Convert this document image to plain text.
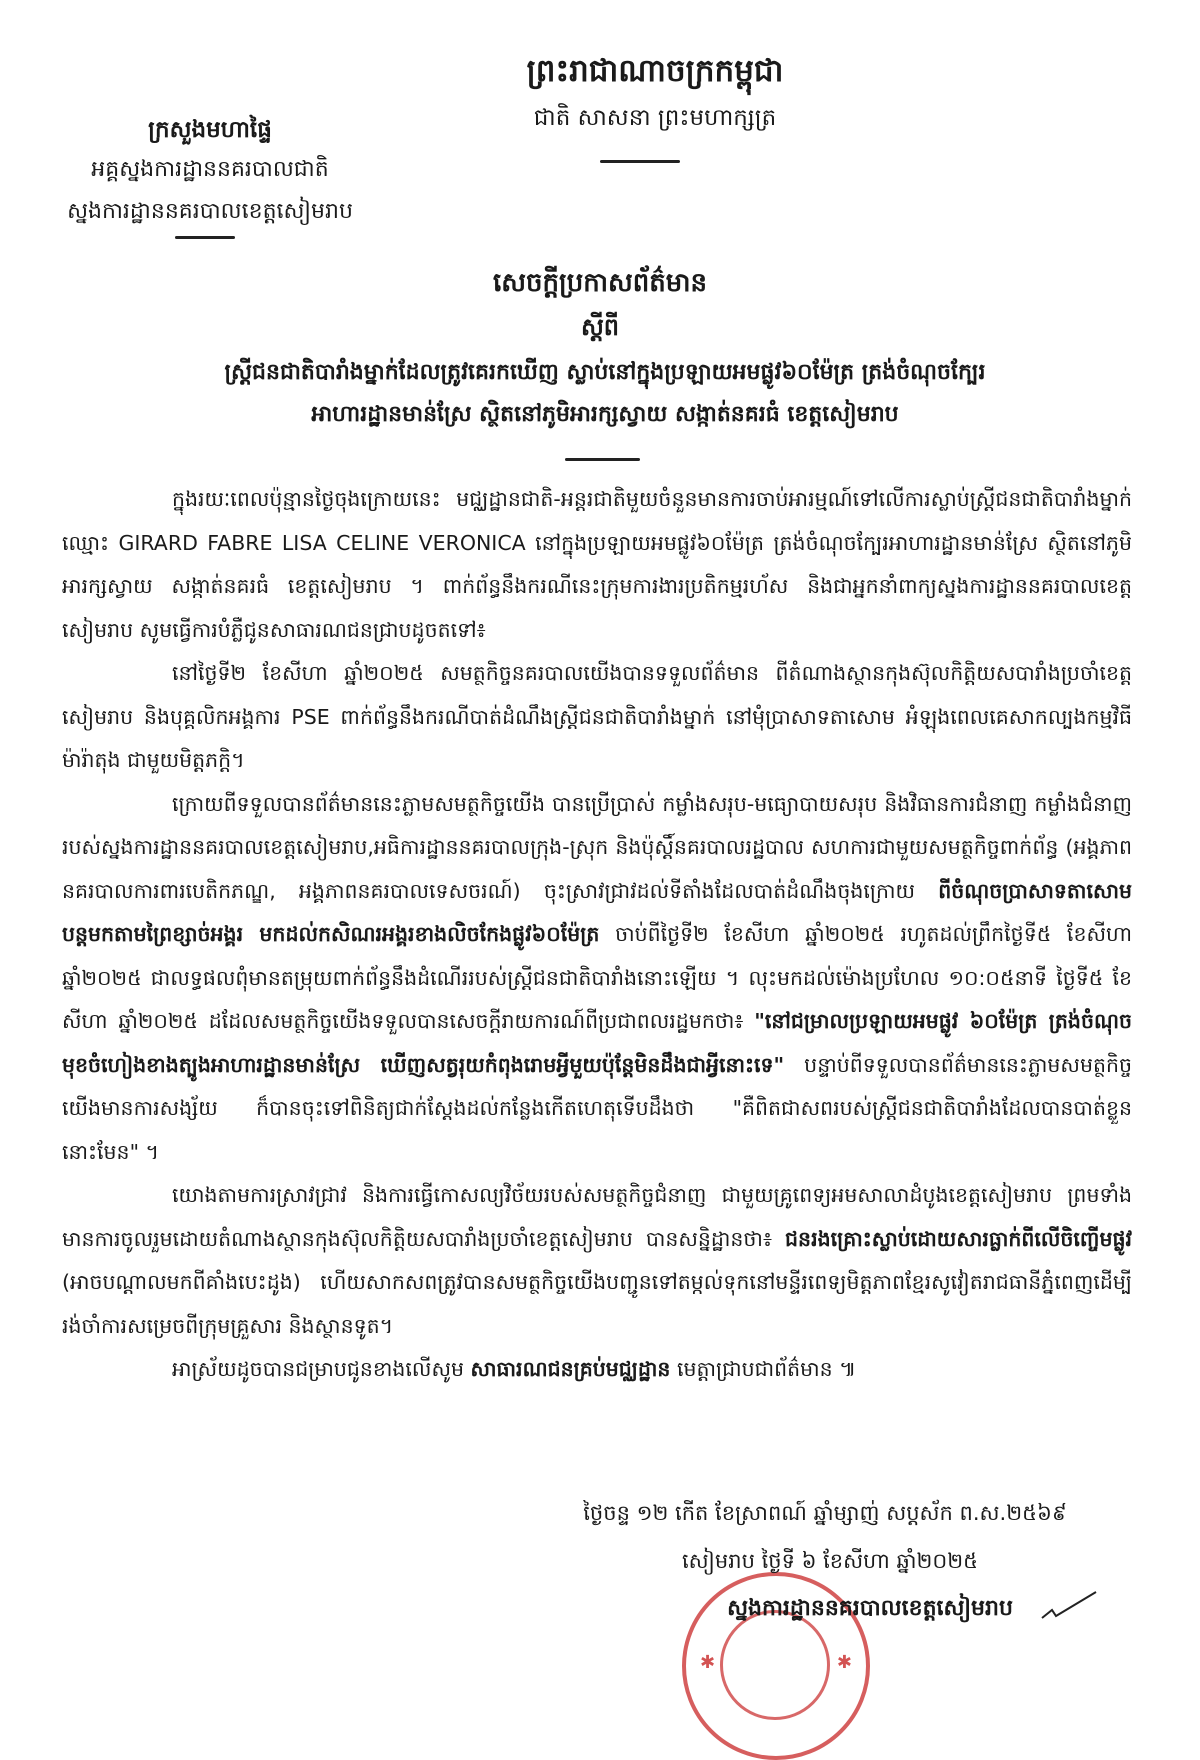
ព្រះរាជាណាចក្រកម្ពុជា
ជាតិ សាសនា ព្រះមហាក្សត្រ
ក្រសួងមហាផ្ទៃ
អគ្គស្នងការដ្ឋាននគរបាលជាតិ
ស្នងការដ្ឋាននគរបាលខេត្តសៀមរាប
សេចក្តីប្រកាសព័ត៌មាន
ស្តីពី
ស្ត្រីជនជាតិបារាំងម្នាក់ដែលត្រូវគេរកឃើញ ស្លាប់នៅក្នុងប្រឡាយអមផ្លូវ៦០ម៉ែត្រ ត្រង់ចំណុចក្បែរ
អាហារដ្ឋានមាន់ស្រែ ស្ថិតនៅភូមិអារក្សស្វាយ សង្កាត់នគរធំ ខេត្តសៀមរាប

ក្នុងរយៈពេលប៉ុន្មានថ្ងៃចុងក្រោយនេះ មជ្ឈដ្ឋានជាតិ-អន្តរជាតិមួយចំនួនមានការចាប់អារម្មណ៍ទៅលើការស្លាប់ស្ត្រីជនជាតិបារាំងម្នាក់ឈ្មោះ GIRARD FABRE LISA CELINE VERONICA នៅក្នុងប្រឡាយអមផ្លូវ៦០ម៉ែត្រ ត្រង់ចំណុចក្បែរអាហារដ្ឋានមាន់ស្រែ ស្ថិតនៅភូមិអារក្សស្វាយ សង្កាត់នគរធំ ខេត្តសៀមរាប ។ ពាក់ព័ន្ធនឹងករណីនេះក្រុមការងារប្រតិកម្មរហ័ស និងជាអ្នកនាំពាក្យស្នងការដ្ឋាននគរបាលខេត្តសៀមរាប សូមធ្វើការបំភ្លឺជូនសាធារណជនជ្រាបដូចតទៅ៖

នៅថ្ងៃទី២ ខែសីហា ឆ្នាំ២០២៥ សមត្ថកិច្ចនគរបាលយើងបានទទួលព័ត៌មាន ពីតំណាងស្ថានកុងស៊ុលកិត្តិយសបារាំងប្រចាំខេត្តសៀមរាប និងបុគ្គលិកអង្គការ PSE ពាក់ព័ន្ធនឹងករណីបាត់ដំណឹងស្ត្រីជនជាតិបារាំងម្នាក់ នៅមុំប្រាសាទតាសោម អំឡុងពេលគេសាកល្បងកម្មវិធីម៉ារ៉ាតុង ជាមួយមិត្តភក្តិ។

ក្រោយពីទទួលបានព័ត៌មាននេះភ្លាមសមត្ថកិច្ចយើង បានប្រើប្រាស់ កម្លាំងសរុប-មធ្យោបាយសរុប និងវិធានការជំនាញ កម្លាំងជំនាញរបស់ស្នងការដ្ឋាននគរបាលខេត្តសៀមរាប,អធិការដ្ឋាននគរបាលក្រុង-ស្រុក និងប៉ុស្តិ៍នគរបាលរដ្ឋបាល សហការជាមួយសមត្ថកិច្ចពាក់ព័ន្ធ (អង្គភាពនគរបាលការពារបេតិកភណ្ឌ, អង្គភាពនគរបាលទេសចរណ៍) ចុះស្រាវជ្រាវដល់ទីតាំងដែលបាត់ដំណឹងចុងក្រោយ ពីចំណុចប្រាសាទតាសោម បន្តមកតាមព្រៃខ្សាច់អង្គរ មកដល់កសិណរអង្គរខាងលិចកែងផ្លូវ៦០ម៉ែត្រ ចាប់ពីថ្ងៃទី២ ខែសីហា ឆ្នាំ២០២៥ រហូតដល់ព្រឹកថ្ងៃទី៥ ខែសីហា ឆ្នាំ២០២៥ ជាលទ្ធផលពុំមានតម្រុយពាក់ព័ន្ធនឹងដំណើររបស់ស្ត្រីជនជាតិបារាំងនោះឡើយ ។ លុះមកដល់ម៉ោងប្រហែល ១០:០៥នាទី ថ្ងៃទី៥ ខែសីហា ឆ្នាំ២០២៥ ដដែលសមត្ថកិច្ចយើងទទួលបានសេចក្តីរាយការណ៍ពីប្រជាពលរដ្ឋមកថា៖ "នៅជម្រាលប្រឡាយអមផ្លូវ ៦០ម៉ែត្រ ត្រង់ចំណុចមុខចំហៀងខាងត្បូងអាហារដ្ឋានមាន់ស្រែ ឃើញសត្វរុយកំពុងរោមអ្វីមួយប៉ុន្តែមិនដឹងជាអ្វីនោះទេ" បន្ទាប់ពីទទួលបានព័ត៌មាននេះភ្លាមសមត្ថកិច្ចយើងមានការសង្ស័យ ក៏បានចុះទៅពិនិត្យជាក់ស្តែងដល់កន្លែងកើតហេតុទើបដឹងថា "គឺពិតជាសពរបស់ស្ត្រីជនជាតិបារាំងដែលបានបាត់ខ្លួននោះមែន" ។

យោងតាមការស្រាវជ្រាវ និងការធ្វើកោសល្យវិច័យរបស់សមត្ថកិច្ចជំនាញ ជាមួយគ្រូពេទ្យអមសាលាដំបូងខេត្តសៀមរាប ព្រមទាំងមានការចូលរួមដោយតំណាងស្ថានកុងស៊ុលកិត្តិយសបារាំងប្រចាំខេត្តសៀមរាប បានសន្និដ្ឋានថា៖ ជនរងគ្រោះស្លាប់ដោយសារធ្លាក់ពីលើចិញ្ចើមផ្លូវ (អាចបណ្តាលមកពីគាំងបេះដូង) ហើយសាកសពត្រូវបានសមត្ថកិច្ចយើងបញ្ជូនទៅតម្កល់ទុកនៅមន្ទីរពេទ្យមិត្តភាពខ្មែរសូវៀតរាជធានីភ្នំពេញដើម្បីរង់ចាំការសម្រេចពីក្រុមគ្រួសារ និងស្ថានទូត។

អាស្រ័យដូចបានជម្រាបជូនខាងលើសូម សាធារណជនគ្រប់មជ្ឈដ្ឋាន មេត្តាជ្រាបជាព័ត៌មាន ៕

✱	✱
ថ្ងៃចន្ទ ១២ កើត ខែស្រាពណ៍ ឆ្នាំម្សាញ់ សប្តស័ក ព.ស.២៥៦៩
សៀមរាប ថ្ងៃទី ៦ ខែសីហា ឆ្នាំ២០២៥
ស្នងការដ្ឋាននគរបាលខេត្តសៀមរាប
